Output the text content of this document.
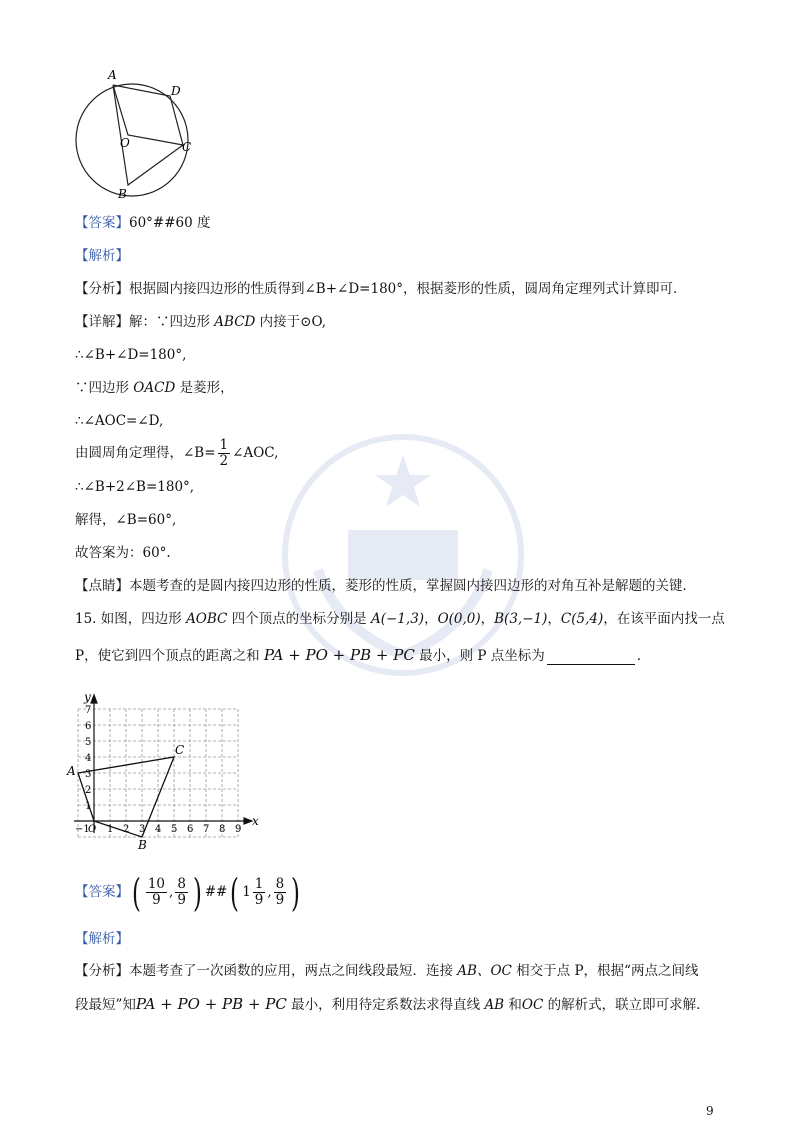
A
D
O	C
B
【答案】60°##60 度
【解析】
【分析】根据圆内接四边形的性质得到∠B+∠D=180°，根据菱形的性质，圆周角定理列式计算即可．
【详解】解：∵四边形 ABCD 内接于⊙O,
∴∠B+∠D=180°,
∵四边形 OACD 是菱形，
∴∠AOC=∠D,
由圆周角定理得，∠B= $\frac{1}{2}$ ∠AOC,
∴∠B+2∠B=180°,
解得，∠B=60°,
故答案为：60°.
【点睛】本题考查的是圆内接四边形的性质，菱形的性质，掌握圆内接四边形的对角互补是解题的关键．
15. 如图，四边形 AOBC 四个顶点的坐标分别是 A(−1,3)，O(0,0)，B(3,−1)，C(5,4)，在该平面内找一点
P，使它到四个顶点的距离之和 PA + PO + PB + PC 最小，则 P 点坐标为	.
−1
O 1 2 3 4 5 6 7 8 9
1
2
3
4
5
6
7
x
y
A
B
C
【答案】( $\frac{10}{9}$ , $\frac{8}{9}$ ) ##( $1 \frac{1}{9}$ , $\frac{8}{9}$ )
【解析】
【分析】本题考查了一次函数的应用，两点之间线段最短．连接 AB、OC 相交于点 P，根据“两点之间线
段最短”知PA + PO + PB + PC 最小，利用待定系数法求得直线 AB 和OC 的解析式，联立即可求解．
9
